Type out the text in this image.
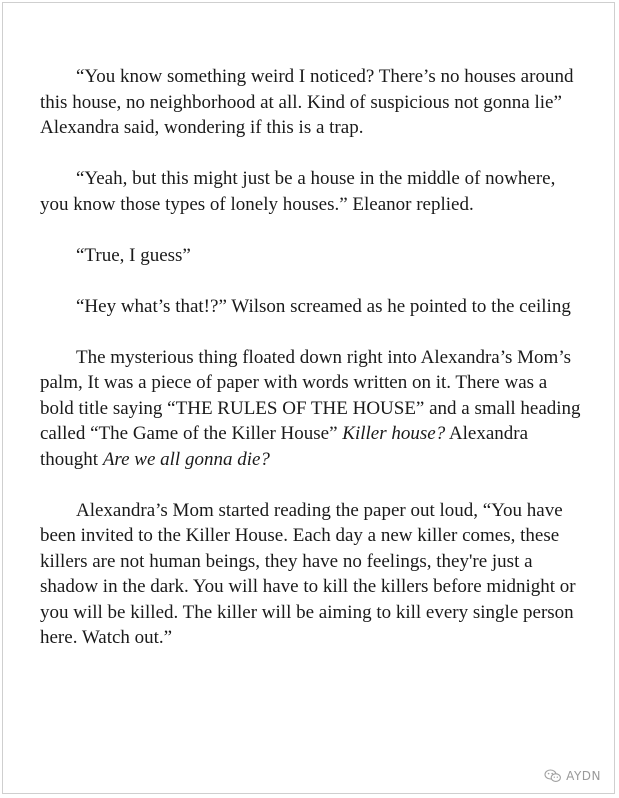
“You know something weird I noticed? There’s no houses around this house, no neighborhood at all. Kind of suspicious not gonna lie” Alexandra said, wondering if this is a trap.

“Yeah, but this might just be a house in the middle of nowhere, you know those types of lonely houses.” Eleanor replied.

“True, I guess”

“Hey what’s that!?” Wilson screamed as he pointed to the ceiling

The mysterious thing floated down right into Alexandra’s Mom’s palm, It was a piece of paper with words written on it. There was a bold title saying “THE RULES OF THE HOUSE” and a small heading called “The Game of the Killer House” Killer house? Alexandra thought Are we all gonna die?

Alexandra’s Mom started reading the paper out loud, “You have been invited to the Killer House. Each day a new killer comes, these killers are not human beings, they have no feelings, they're just a shadow in the dark. You will have to kill the killers before midnight or you will be killed. The killer will be aiming to kill every single person here. Watch out.”

AYDN
